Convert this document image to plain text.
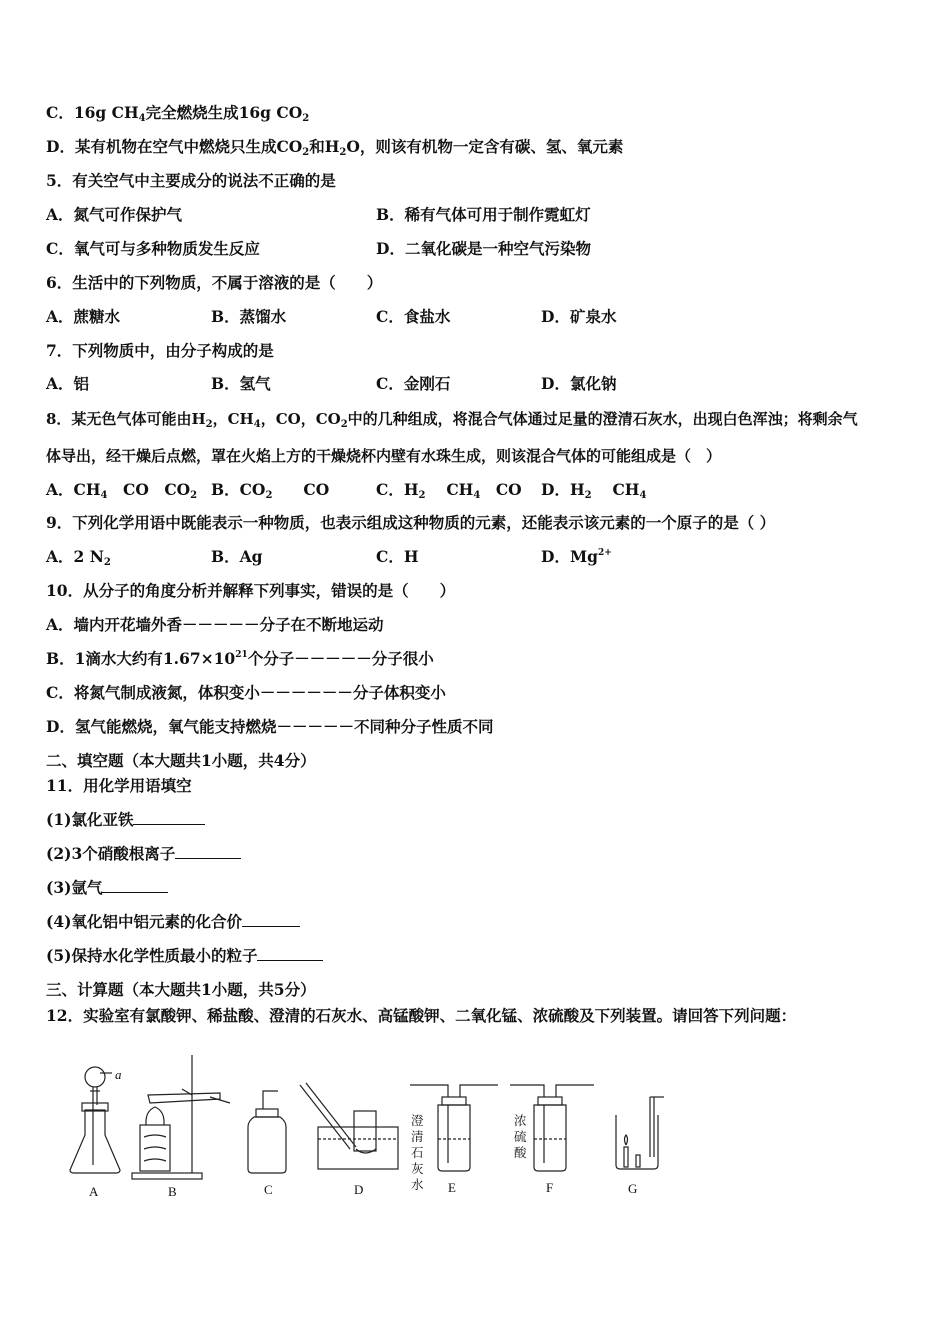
C．16g $CH_4$完全燃烧生成16g $CO_2$
D．某有机物在空气中燃烧只生成$CO_2$和$H_2O$，则该有机物一定含有碳、氢、氧元素
5．有关空气中主要成分的说法不正确的是
A．氮气可作保护气	B．稀有气体可用于制作霓虹灯
C．氧气可与多种物质发生反应	D．二氧化碳是一种空气污染物
6．生活中的下列物质，不属于溶液的是（　　）
A．蔗糖水	B．蒸馏水	C．食盐水	D．矿泉水
7．下列物质中，由分子构成的是
A．铝	B．氢气	C．金刚石	D．氯化钠
8．某无色气体可能由$H_2$，$CH_4$，CO，$CO_2$中的几种组成，将混合气体通过足量的澄清石灰水，出现白色浑浊；将剩余气
体导出，经干燥后点燃，罩在火焰上方的干燥烧杯内壁有水珠生成，则该混合气体的可能组成是（　）
A．$CH_4$　CO　$CO_2$ B．$CO_2$　　CO	C．$H_2$　 $CH_4$　CO D．$H_2$　 $CH_4$
9．下列化学用语中既能表示一种物质，也表示组成这种物质的元素，还能表示该元素的一个原子的是（ ）
A．2 $N_2$	B．Ag	C．H	D．$Mg^{2+}$
10．从分子的角度分析并解释下列事实，错误的是（　　）
A．墙内开花墙外香－－－－－分子在不断地运动
B．1滴水大约有$1.67\times 10^{21}$个分子－－－－－分子很小
C．将氮气制成液氮，体积变小－－－－－－分子体积变小
D．氢气能燃烧，氧气能支持燃烧－－－－－不同种分子性质不同
二、填空题（本大题共1小题，共4分）
11．用化学用语填空
(1)氯化亚铁
(2)3个硝酸根离子
(3)氩气
(4)氧化铝中铝元素的化合价
(5)保持水化学性质最小的粒子
三、计算题（本大题共1小题，共5分）
12．实验室有氯酸钾、稀盐酸、澄清的石灰水、高锰酸钾、二氧化锰、浓硫酸及下列装置。请回答下列问题：
a
澄
清
石
灰
水
浓
硫
酸
A	B	C	D	E	F	G
